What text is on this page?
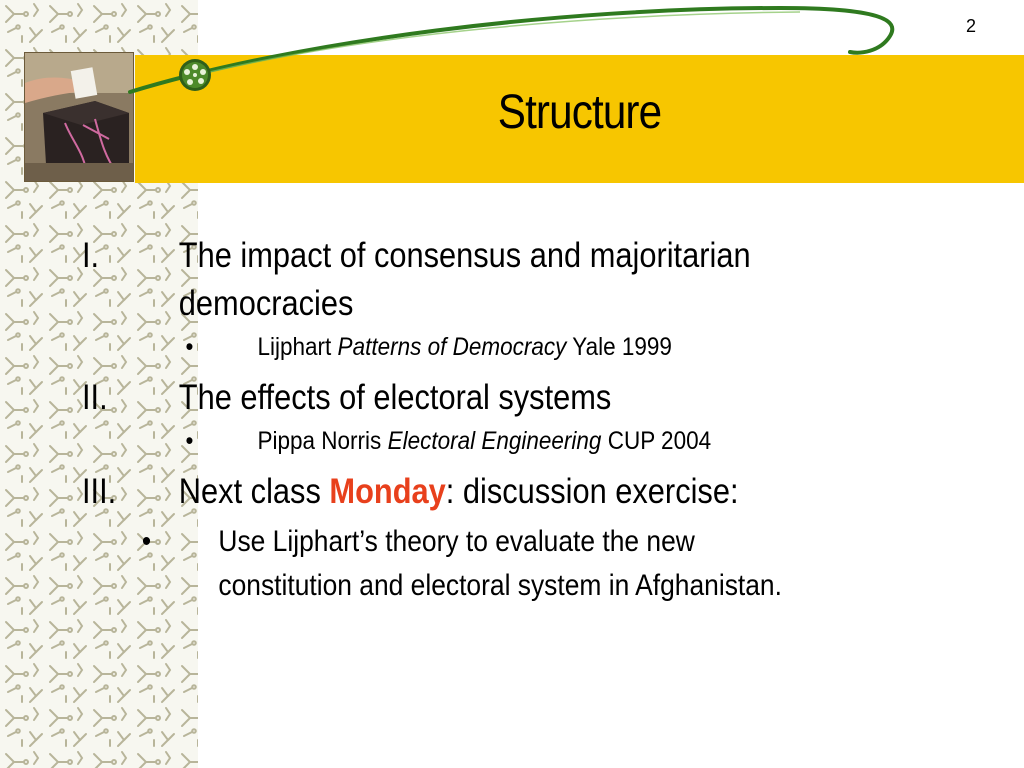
2
Structure
I. The impact of consensus and majoritarian
democracies
•	Lijphart Patterns of Democracy Yale 1999
II. The effects of electoral systems
•	Pippa Norris Electoral Engineering CUP 2004
III. Next class Monday: discussion exercise:
• Use Lijphart’s theory to evaluate the new
constitution and electoral system in Afghanistan.
